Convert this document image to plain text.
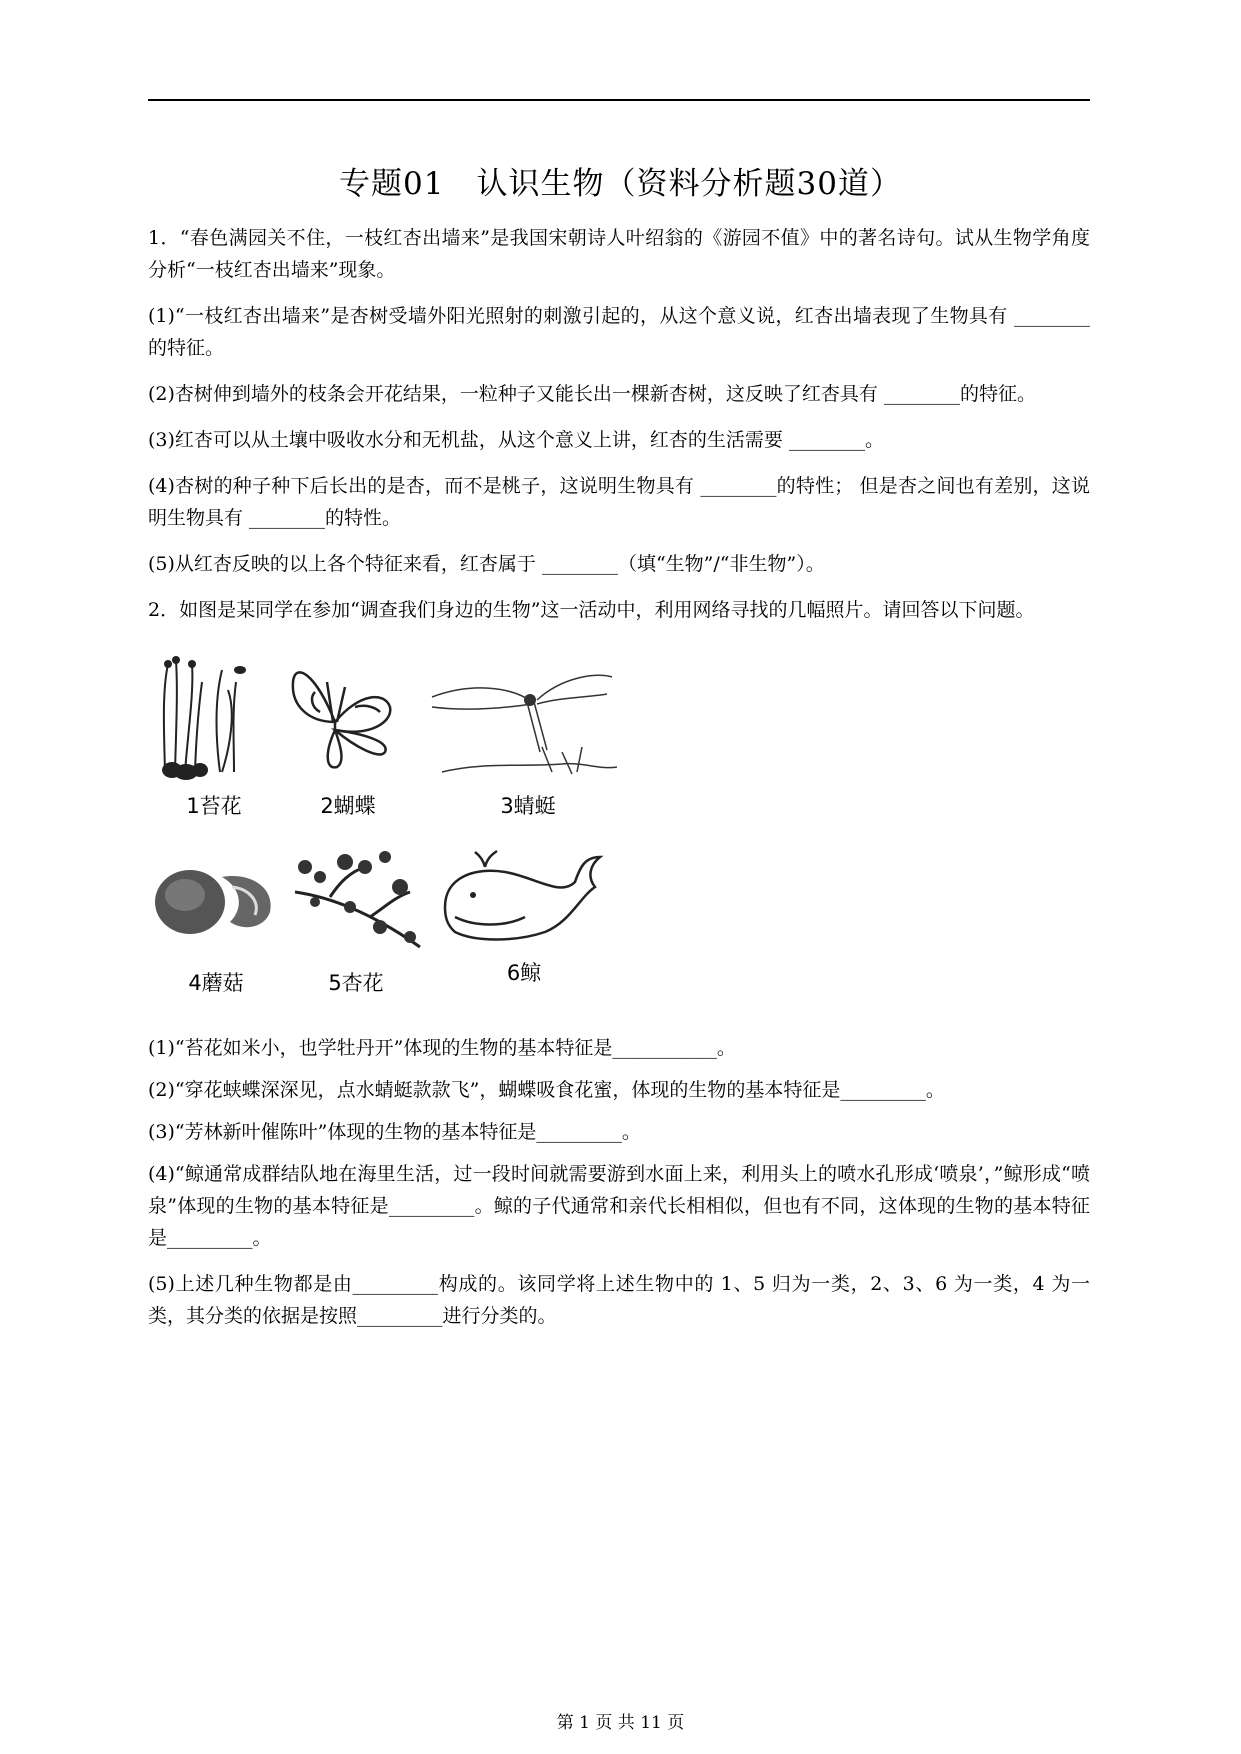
专题01　认识生物（资料分析题30道）

1．“春色满园关不住，一枝红杏出墙来”是我国宋朝诗人叶绍翁的《游园不值》中的著名诗句。试从生物学角度分析“一枝红杏出墙来”现象。

(1)“一枝红杏出墙来”是杏树受墙外阳光照射的刺激引起的，从这个意义说，红杏出墙表现了生物具有 ________的特征。

(2)杏树伸到墙外的枝条会开花结果，一粒种子又能长出一棵新杏树，这反映了红杏具有 ________的特征。

(3)红杏可以从土壤中吸收水分和无机盐，从这个意义上讲，红杏的生活需要 ________。

(4)杏树的种子种下后长出的是杏，而不是桃子，这说明生物具有 ________的特性； 但是杏之间也有差别，这说明生物具有 ________的特性。

(5)从红杏反映的以上各个特征来看，红杏属于 ________（填“生物”/“非生物”）。

2．如图是某同学在参加“调查我们身边的生物”这一活动中，利用网络寻找的几幅照片。请回答以下问题。

1苔花	2蝴蝶	3蜻蜓
4蘑菇	5杏花	6鲸

(1)“苔花如米小，也学牡丹开”体现的生物的基本特征是___________。

(2)“穿花蛱蝶深深见，点水蜻蜓款款飞”，蝴蝶吸食花蜜，体现的生物的基本特征是_________。

(3)“芳林新叶催陈叶”体现的生物的基本特征是_________。

(4)“鲸通常成群结队地在海里生活，过一段时间就需要游到水面上来，利用头上的喷水孔形成‘喷泉’，”鲸形成“喷泉”体现的生物的基本特征是_________。鲸的子代通常和亲代长相相似，但也有不同，这体现的生物的基本特征是_________。

(5)上述几种生物都是由_________构成的。该同学将上述生物中的 1、5 归为一类，2、3、6 为一类，4 为一类，其分类的依据是按照_________进行分类的。

第 1 页 共 11 页
